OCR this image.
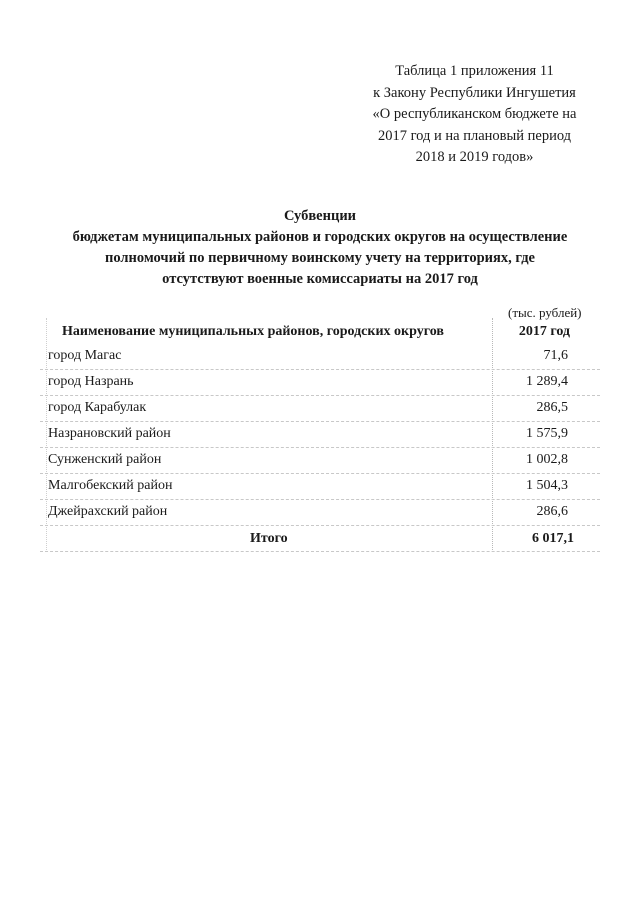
Таблица 1 приложения 11
к Закону Республики Ингушетия
«О республиканском бюджете на
2017 год и на плановый период
2018 и 2019 годов»
Субвенции
бюджетам муниципальных районов и городских округов на осуществление
полномочий по первичному воинскому учету на территориях, где
отсутствуют военные комиссариаты на 2017 год
(тыс. рублей)
Наименование муниципальных районов, городских округов	2017 год
город Магас	71,6
город Назрань	1 289,4
город Карабулак	286,5
Назрановский район	1 575,9
Сунженский район	1 002,8
Малгобекский район	1 504,3
Джейрахский район	286,6
Итого	6 017,1
